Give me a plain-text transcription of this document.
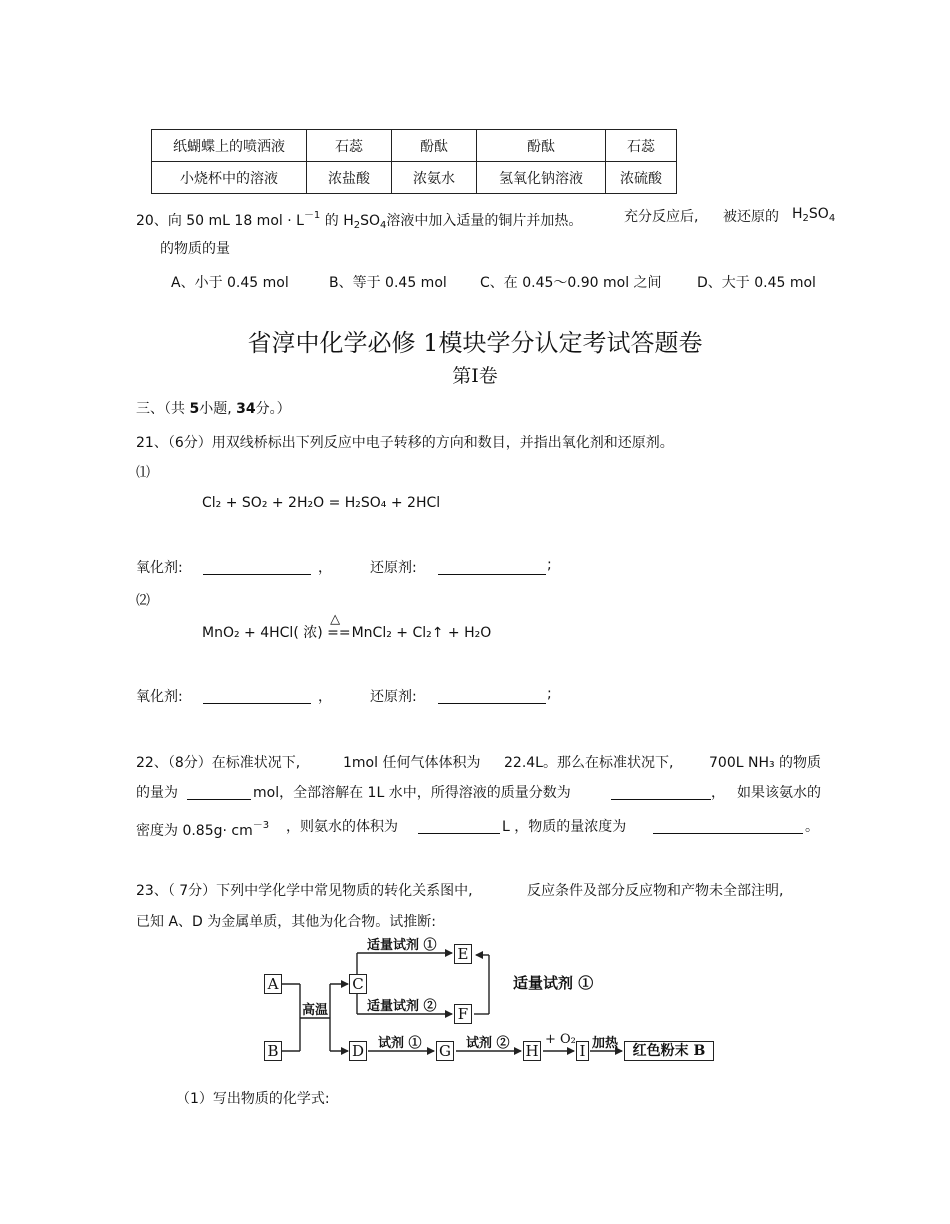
纸蝴蝶上的喷洒液	石蕊	酚酞	酚酞	石蕊
小烧杯中的溶液	浓盐酸	浓氨水	氢氧化钠溶液	浓硫酸
20、向 50 mL 18 mol · $L^{-1}$ 的 $H_2SO_4$溶液中加入适量的铜片并加热。	充分反应后, 被还原的 $H_2SO_4$
的物质的量
A、小于 0.45 mol	B、等于 0.45 mol C、在 0.45～0.90 mol 之间	D、大于 0.45 mol
省淳中化学必修 1模块学分认定考试答题卷
第Ⅰ卷
三、（共 5小题, 34分。）
21、（6分）用双线桥标出下列反应中电子转移的方向和数目，并指出氧化剂和还原剂。
⑴
Cl₂ + SO₂ + 2H₂O = H₂SO₄ + 2HCl
氧化剂:	，	还原剂:	;
⑵
MnO₂ + 4HCl( 浓)
△
== MnCl₂ + Cl₂↑ + H₂O
氧化剂:	，	还原剂:	;
22、（8分）在标准状况下,	1mol 任何气体体积为 22.4L。那么在标准状况下,	700L NH₃ 的物质
的量为	mol，全部溶解在 1L 水中，所得溶液的质量分数为	， 如果该氨水的
密度为 $0.85g\cdot cm^{-3}$ ，则氨水的体积为	L ，物质的量浓度为	。
23、（ 7分）下列中学化学中常见物质的转化关系图中,	反应条件及部分反应物和产物未全部注明,
已知 A、D 为金属单质，其他为化合物。试推断:
A
B
C
D
E
F
G	H	I	红色粉末 B
高温
适量试剂 ①
适量试剂 ②
适量试剂 ①
试剂 ①	试剂 ②	+ O₂ 加热
（1）写出物质的化学式:
